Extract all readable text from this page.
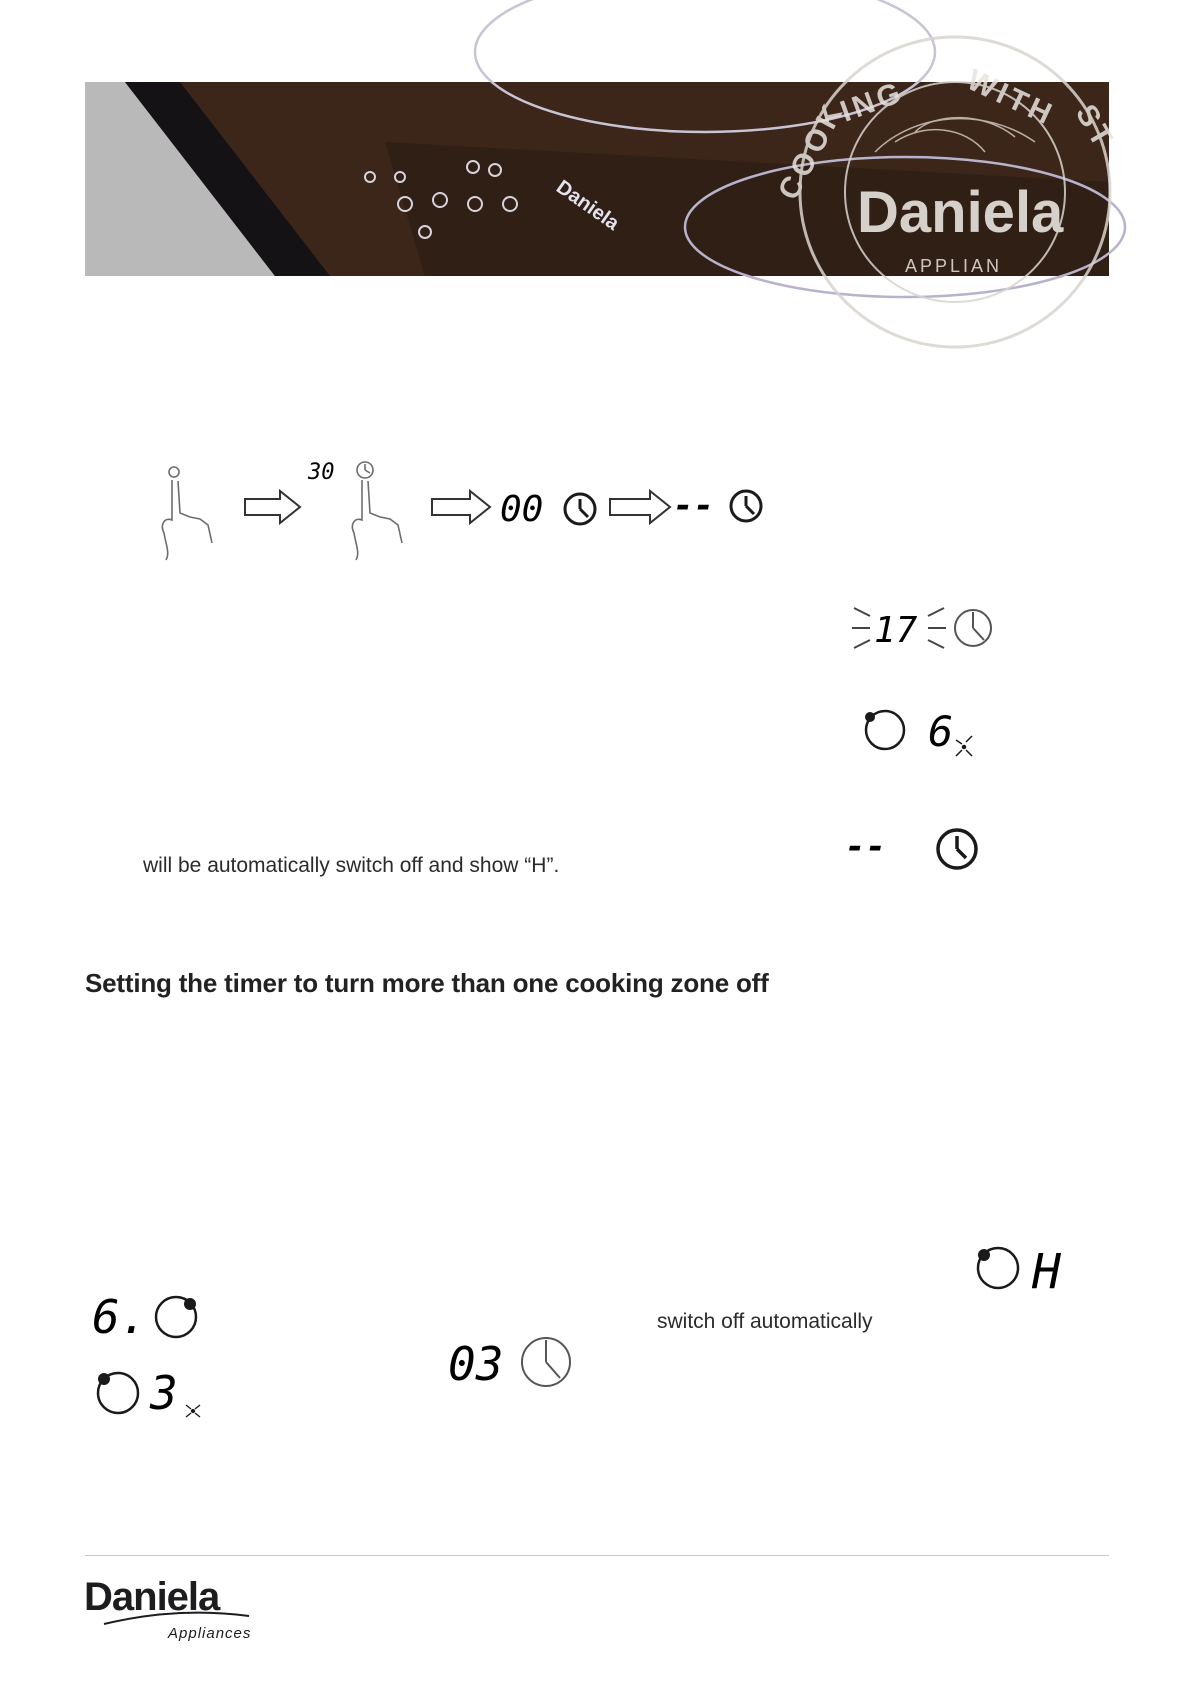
Daniela
COOK
ING WITH ST
Daniela
APPLIAN
30
00	--
17
6
--
will be automatically switch off and show “H”.
Setting the timer to turn more than one cooking zone off
6.
3
03
switch off automatically
H
Daniela
Appliances
